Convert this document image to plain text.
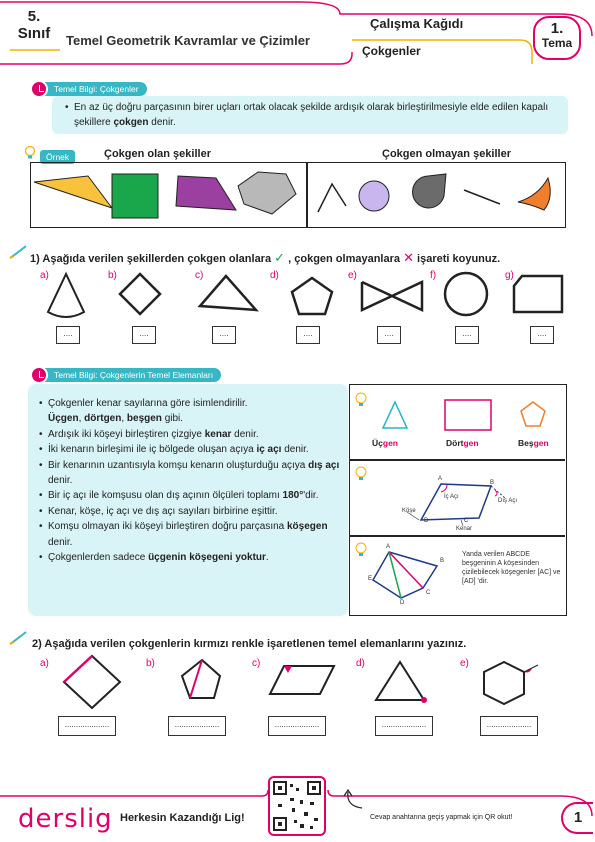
5.
Sınıf Temel Geometrik Kavramlar ve Çizimler
Çalışma Kağıdı
Çokgenler
1.
Tema

En az üç doğru parçasının birer uçları ortak olacak şekilde ardışık olarak birleştirilmesiyle elde edilen kapalı şekillere çokgen denir.

Temel Bilgi: Çokgenler
Örnek	Çokgen olan şekiller	Çokgen olmayan şekiller
1) Aşağıda verilen şekillerden çokgen olanlara ✓ , çokgen olmayanlara ✕ işareti koyunuz.
a)	b)	c)	d)	e)	f)	g)
....	....	....	....	....	....	....
• Çokgenler kenar sayılarına göre isimlendirilir.
Üçgen, dörtgen, beşgen gibi.
• Ardışık iki köşeyi birleştiren çizgiye kenar denir.
• İki kenarın birleşimi ile iç bölgede oluşan açıya iç açı denir.
• Bir kenarının uzantısıyla komşu kenarın oluşturduğu açıya dış açı denir.
• Bir iç açı ile komşusu olan dış açının ölçüleri toplamı 180°'dir.
• Kenar, köşe, iç açı ve dış açı sayıları birbirine eşittir.
• Komşu olmayan iki köşeyi birleştiren doğru parçasına köşegen denir.
• Çokgenlerden sadece üçgenin köşegeni yoktur.
Temel Bilgi: Çokgenlerin Temel Elemanları
Üçgen	Dörtgen	Beşgen
A
B
İç Açı
Dış Açı
Köşe
D	C
Kenar
A
B
C
D
E
Yanda verilen ABCDE beşgeninin A köşesinden çizilebilecek köşegenler [AC] ve [AD] 'dir.
2) Aşağıda verilen çokgenlerin kırmızı renkle işaretlenen temel elemanlarını yazınız.
a)	b)	c)	d)	e)
....................	....................	....................	....................	....................
derslig Herkesin Kazandığı Lig!	Cevap anahtarına geçiş yapmak için QR okut!	1
